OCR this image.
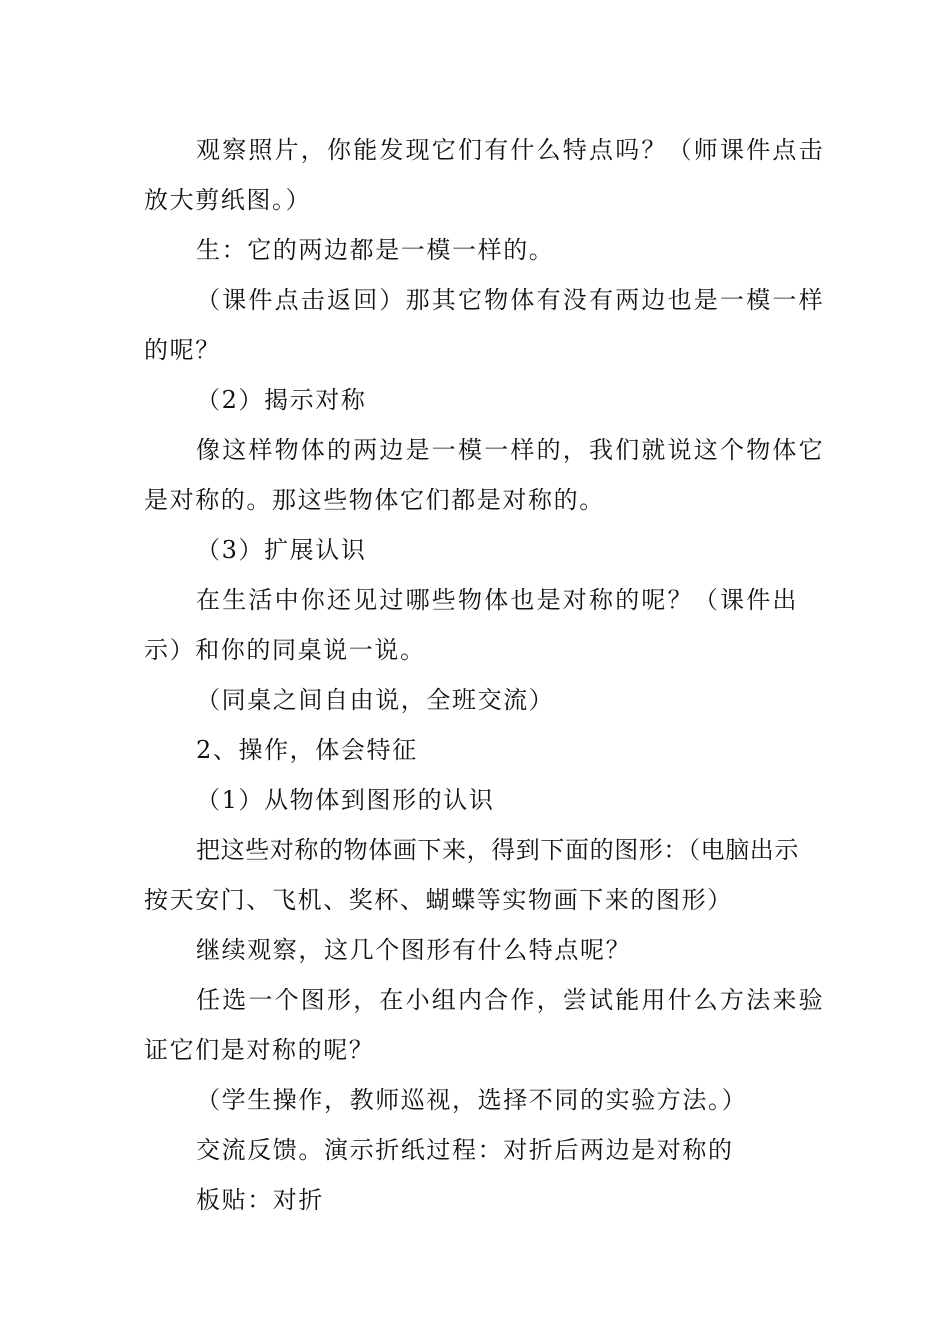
观察照片，你能发现它们有什么特点吗？（师课件点击
放大剪纸图。）
生：它的两边都是一模一样的。
（课件点击返回）那其它物体有没有两边也是一模一样
的呢？
（2）揭示对称
像这样物体的两边是一模一样的，我们就说这个物体它
是对称的。那这些物体它们都是对称的。
（3）扩展认识
在生活中你还见过哪些物体也是对称的呢？（课件出
示）和你的同桌说一说。
（同桌之间自由说，全班交流）
2、操作，体会特征
（1）从物体到图形的认识
把这些对称的物体画下来，得到下面的图形：（电脑出示
按天安门、飞机、奖杯、蝴蝶等实物画下来的图形）
继续观察，这几个图形有什么特点呢？
任选一个图形，在小组内合作，尝试能用什么方法来验
证它们是对称的呢？
（学生操作，教师巡视，选择不同的实验方法。）
交流反馈。演示折纸过程：对折后两边是对称的
板贴：对折
